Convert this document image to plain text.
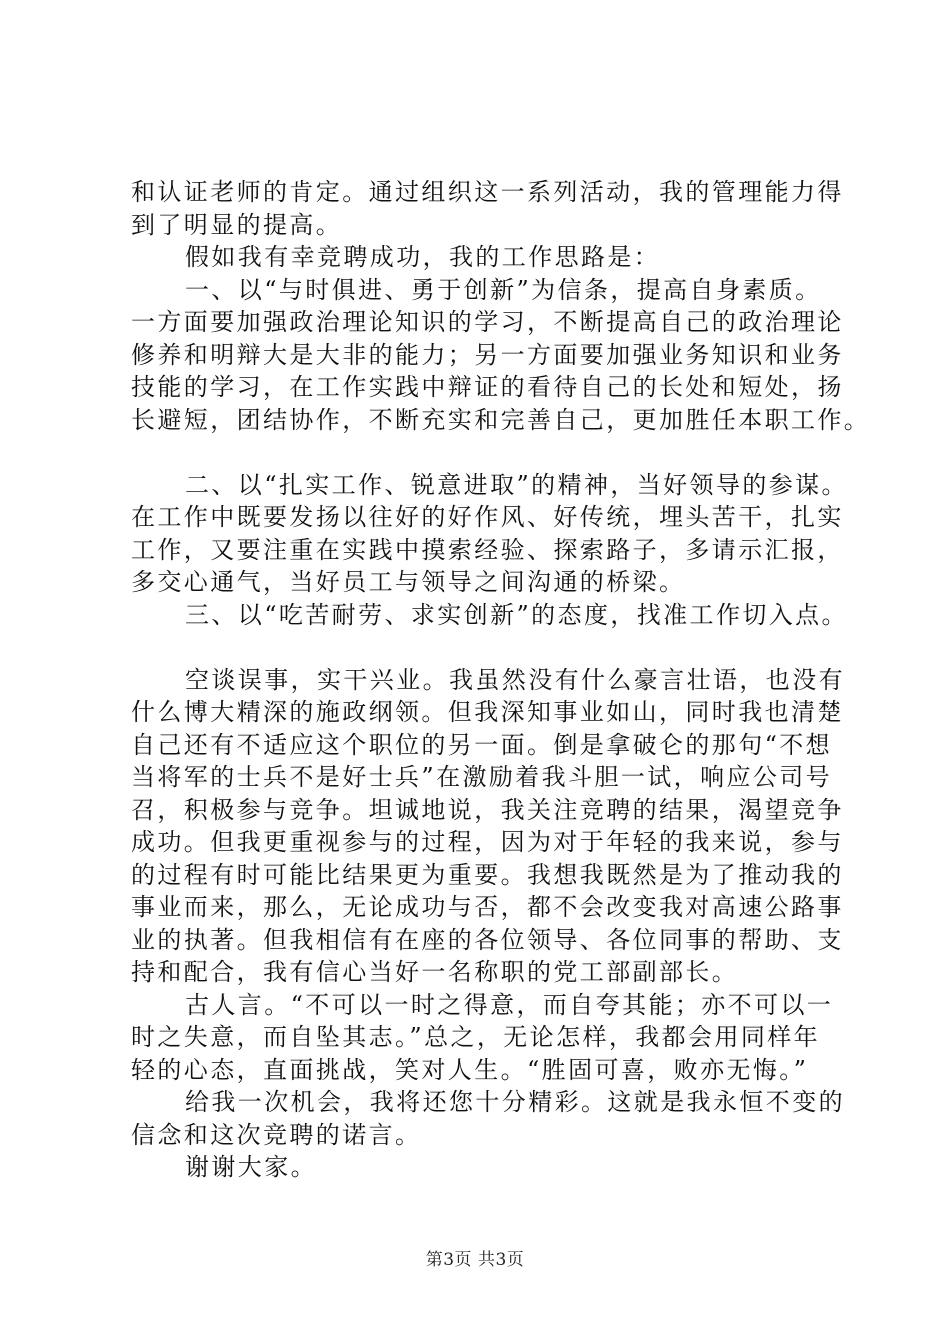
和认证老师的肯定。通过组织这一系列活动，我的管理能力得
到了明显的提高。
假如我有幸竞聘成功，我的工作思路是：
一、以“与时俱进、勇于创新”为信条，提高自身素质。
一方面要加强政治理论知识的学习，不断提高自己的政治理论
修养和明辩大是大非的能力；另一方面要加强业务知识和业务
技能的学习，在工作实践中辩证的看待自己的长处和短处，扬
长避短，团结协作，不断充实和完善自己，更加胜任本职工作。
二、以“扎实工作、锐意进取”的精神，当好领导的参谋。
在工作中既要发扬以往好的好作风、好传统，埋头苦干，扎实
工作，又要注重在实践中摸索经验、探索路子，多请示汇报，
多交心通气，当好员工与领导之间沟通的桥梁。
三、以“吃苦耐劳、求实创新”的态度，找准工作切入点。
空谈误事，实干兴业。我虽然没有什么豪言壮语，也没有
什么博大精深的施政纲领。但我深知事业如山，同时我也清楚
自己还有不适应这个职位的另一面。倒是拿破仑的那句“不想
当将军的士兵不是好士兵”在激励着我斗胆一试，响应公司号
召，积极参与竞争。坦诚地说，我关注竞聘的结果，渴望竞争
成功。但我更重视参与的过程，因为对于年轻的我来说，参与
的过程有时可能比结果更为重要。我想我既然是为了推动我的
事业而来，那么，无论成功与否，都不会改变我对高速公路事
业的执著。但我相信有在座的各位领导、各位同事的帮助、支
持和配合，我有信心当好一名称职的党工部副部长。
古人言。“不可以一时之得意，而自夸其能；亦不可以一
时之失意，而自坠其志。”总之，无论怎样，我都会用同样年
轻的心态，直面挑战，笑对人生。“胜固可喜，败亦无悔。”
给我一次机会，我将还您十分精彩。这就是我永恒不变的
信念和这次竞聘的诺言。
谢谢大家。
第3页 共3页
